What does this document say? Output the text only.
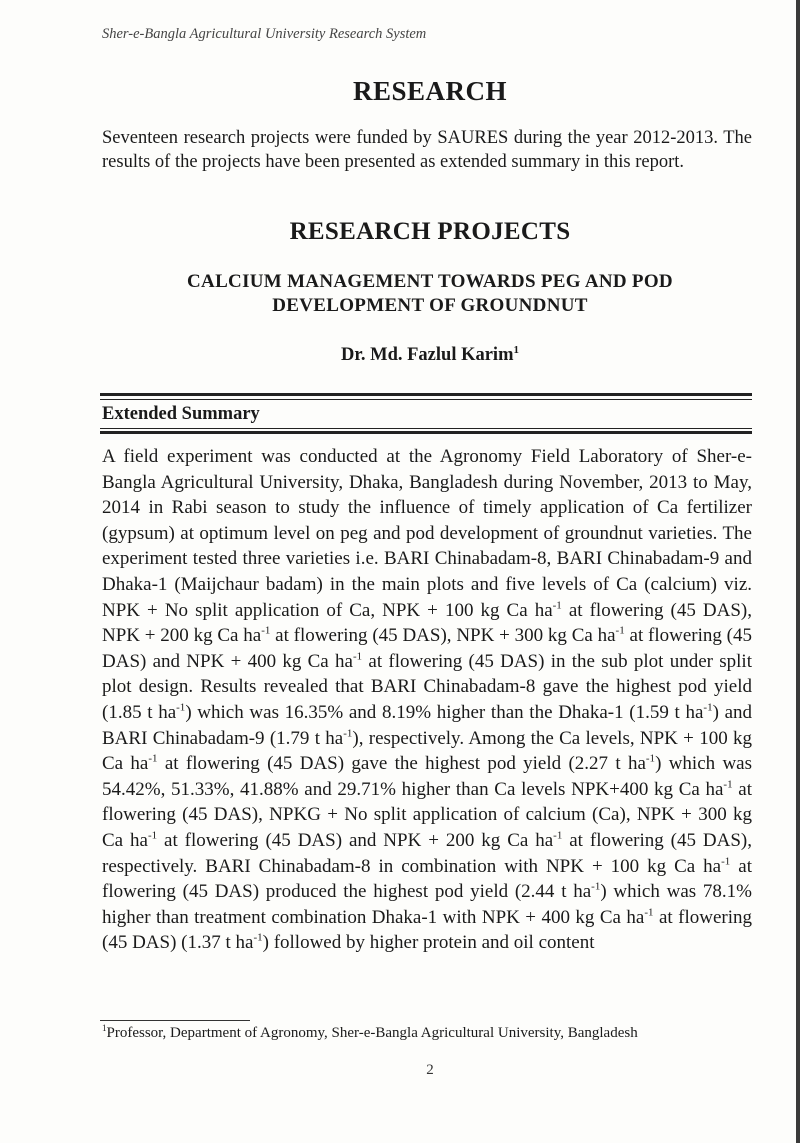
Sher-e-Bangla Agricultural University Research System
RESEARCH

Seventeen research projects were funded by SAURES during the year 2012-2013. The results of the projects have been presented as extended summary in this report.

RESEARCH PROJECTS
CALCIUM MANAGEMENT TOWARDS PEG AND POD DEVELOPMENT OF GROUNDNUT
Dr. Md. Fazlul Karim$^1$
Extended Summary

A field experiment was conducted at the Agronomy Field Laboratory of Sher-e-Bangla Agricultural University, Dhaka, Bangladesh during November, 2013 to May, 2014 in Rabi season to study the influence of timely application of Ca fertilizer (gypsum) at optimum level on peg and pod development of groundnut varieties. The experiment tested three varieties i.e. BARI Chinabadam-8, BARI Chinabadam-9 and Dhaka-1 (Maijchaur badam) in the main plots and five levels of Ca (calcium) viz. NPK + No split application of Ca, NPK + 100 kg Ca $ha^{-1}$ at flowering (45 DAS), NPK + 200 kg Ca $ha^{-1}$ at flowering (45 DAS), NPK + 300 kg Ca $ha^{-1}$ at flowering (45 DAS) and NPK + 400 kg Ca $ha^{-1}$ at flowering (45 DAS) in the sub plot under split plot design. Results revealed that BARI Chinabadam-8 gave the highest pod yield (1.85 t $ha^{-1}$) which was 16.35% and 8.19% higher than the Dhaka-1 (1.59 t $ha^{-1}$) and BARI Chinabadam-9 (1.79 t $ha^{-1}$), respectively. Among the Ca levels, NPK + 100 kg Ca $ha^{-1}$ at flowering (45 DAS) gave the highest pod yield (2.27 t $ha^{-1}$) which was 54.42%, 51.33%, 41.88% and 29.71% higher than Ca levels NPK+400 kg Ca $ha^{-1}$ at flowering (45 DAS), NPKG + No split application of calcium (Ca), NPK + 300 kg Ca $ha^{-1}$ at flowering (45 DAS) and NPK + 200 kg Ca $ha^{-1}$ at flowering (45 DAS), respectively. BARI Chinabadam-8 in combination with NPK + 100 kg Ca $ha^{-1}$ at flowering (45 DAS) produced the highest pod yield (2.44 t $ha^{-1}$) which was 78.1% higher than treatment combination Dhaka-1 with NPK + 400 kg Ca $ha^{-1}$ at flowering (45 DAS) (1.37 t $ha^{-1}$) followed by higher protein and oil content

$^1$Professor, Department of Agronomy, Sher-e-Bangla Agricultural University, Bangladesh
2
